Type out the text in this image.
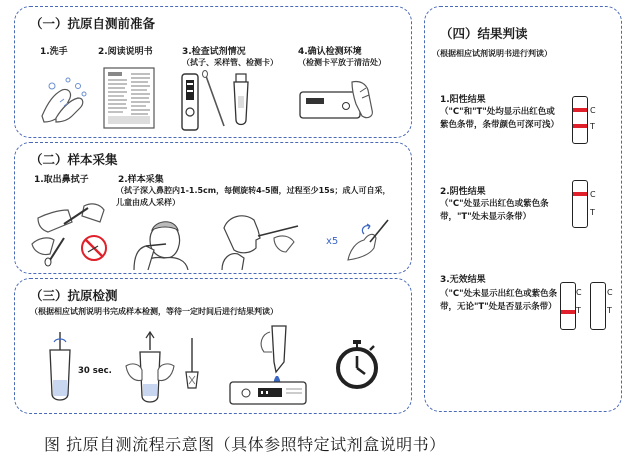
（一）抗原自测前准备
1.洗手	2.阅读说明书	3.检查试剂情况
（拭子、采样管、检测卡）
4.确认检测环境
（检测卡平放于清洁处）
（二）样本采集
1.取出鼻拭子	2.样本采集
（拭子深入鼻腔内1-1.5cm，每侧旋转4-5圈，过程至少15s；成人可自采，儿童由成人采样）
x5
（三）抗原检测
（根据相应试剂说明书完成样本检测，等待一定时间后进行结果判读）
30 sec.
（四）结果判读
（根据相应试剂说明书进行判读）
1.阳性结果
（"C"和"T"处均显示出红色或紫色条带，条带颜色可深可浅）
2.阴性结果
（"C"处显示出红色或紫色条带，"T"处未显示条带）
3.无效结果
（"C"处未显示出红色或紫色条带，无论"T"处是否显示条带）
C
T
C
T
C
T
C
T
图 抗原自测流程示意图（具体参照特定试剂盒说明书）
